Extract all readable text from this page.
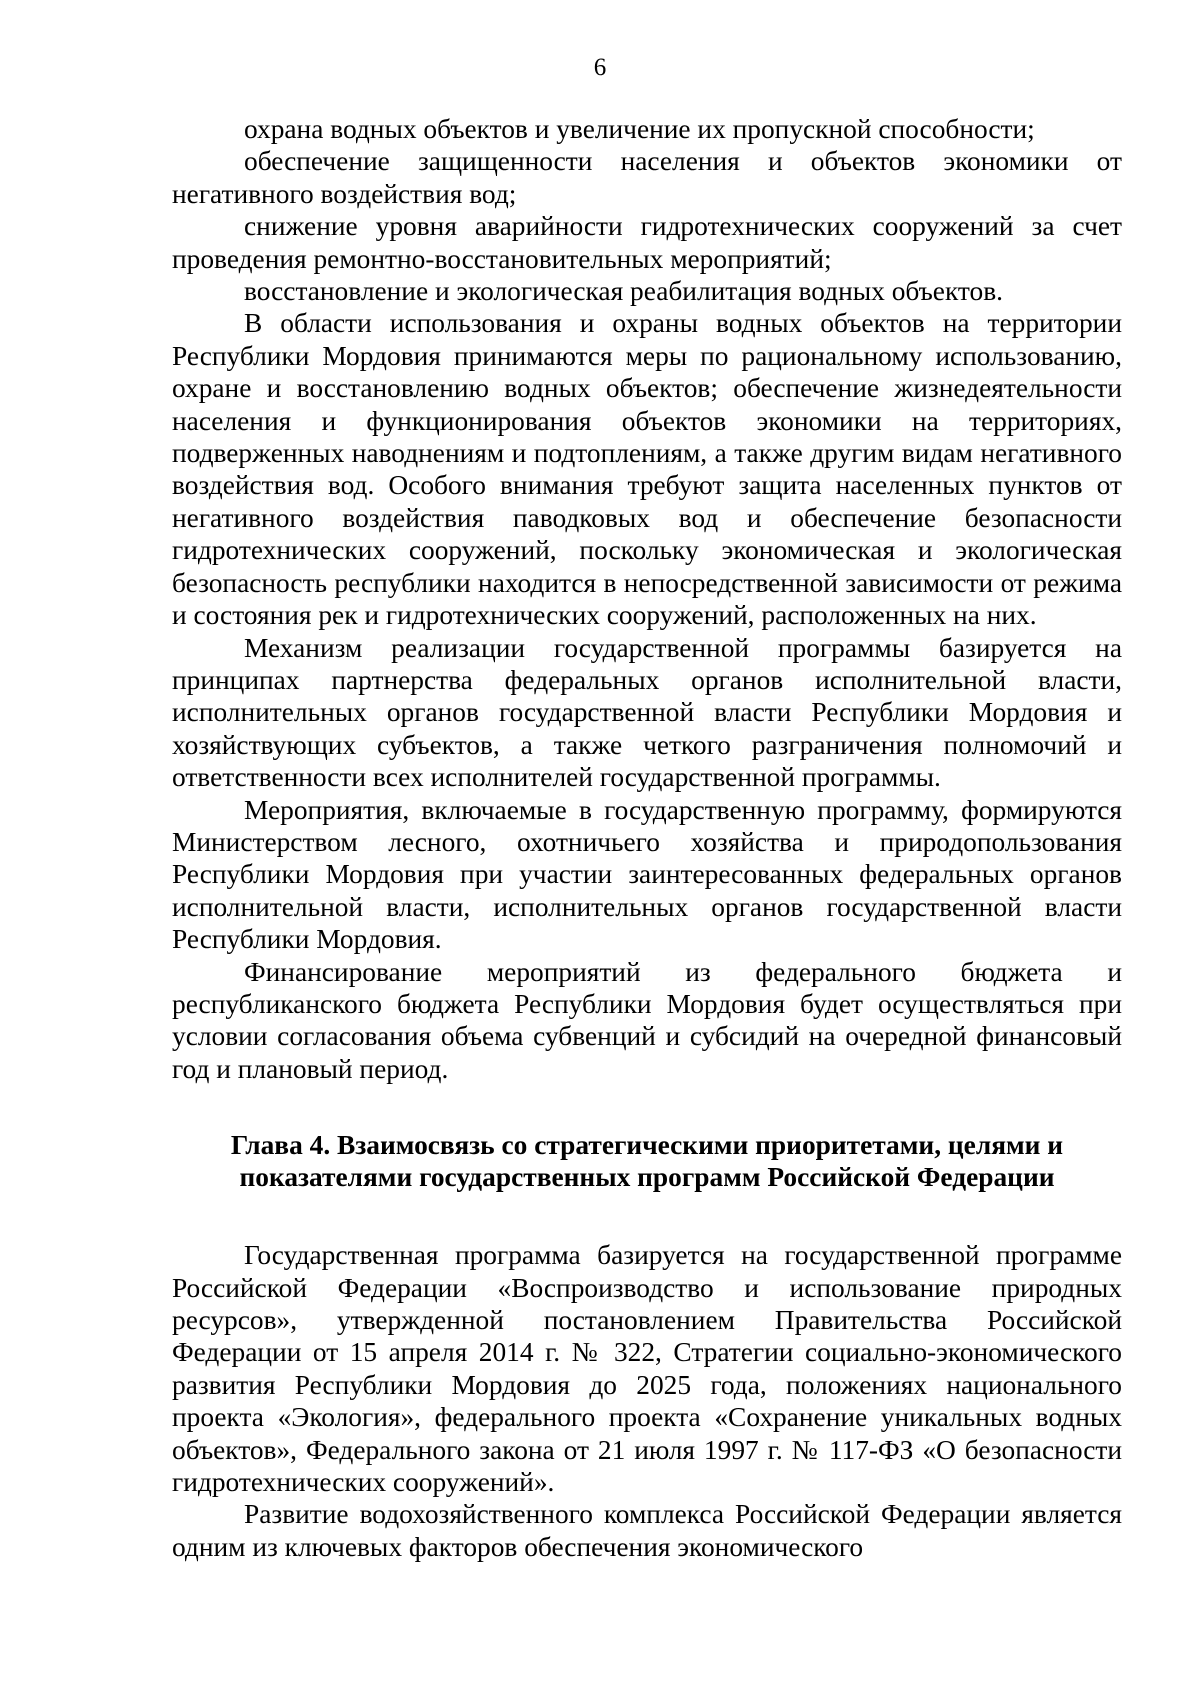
6

охрана водных объектов и увеличение их пропускной способности;

обеспечение защищенности населения и объектов экономики от негативного воздействия вод;

снижение уровня аварийности гидротехнических сооружений за счет проведения ремонтно-восстановительных мероприятий;

восстановление и экологическая реабилитация водных объектов.

В области использования и охраны водных объектов на территории Республики Мордовия принимаются меры по рациональному использованию, охране и восстановлению водных объектов; обеспечение жизнедеятельности населения и функционирования объектов экономики на территориях, подверженных наводнениям и подтоплениям, а также другим видам негативного воздействия вод. Особого внимания требуют защита населенных пунктов от негативного воздействия паводковых вод и обеспечение безопасности гидротехнических сооружений, поскольку экономическая и экологическая безопасность республики находится в непосредственной зависимости от режима и состояния рек и гидротехнических сооружений, расположенных на них.

Механизм реализации государственной программы базируется на принципах партнерства федеральных органов исполнительной власти, исполнительных органов государственной власти Республики Мордовия и хозяйствующих субъектов, а также четкого разграничения полномочий и ответственности всех исполнителей государственной программы.

Мероприятия, включаемые в государственную программу, формируются Министерством лесного, охотничьего хозяйства и природопользования Республики Мордовия при участии заинтересованных федеральных органов исполнительной власти, исполнительных органов государственной власти Республики Мордовия.

Финансирование мероприятий из федерального бюджета и республиканского бюджета Республики Мордовия будет осуществляться при условии согласования объема субвенций и субсидий на очередной финансовый год и плановый период.

Глава 4. Взаимосвязь со стратегическими приоритетами, целями и
показателями государственных программ Российской Федерации

Государственная программа базируется на государственной программе Российской Федерации «Воспроизводство и использование природных ресурсов», утвержденной постановлением Правительства Российской Федерации от 15 апреля 2014 г. № 322, Стратегии социально-экономического развития Республики Мордовия до 2025 года, положениях национального проекта «Экология», федерального проекта «Сохранение уникальных водных объектов», Федерального закона от 21 июля 1997 г. № 117-ФЗ «О безопасности гидротехнических сооружений».

Развитие водохозяйственного комплекса Российской Федерации является одним из ключевых факторов обеспечения экономического
